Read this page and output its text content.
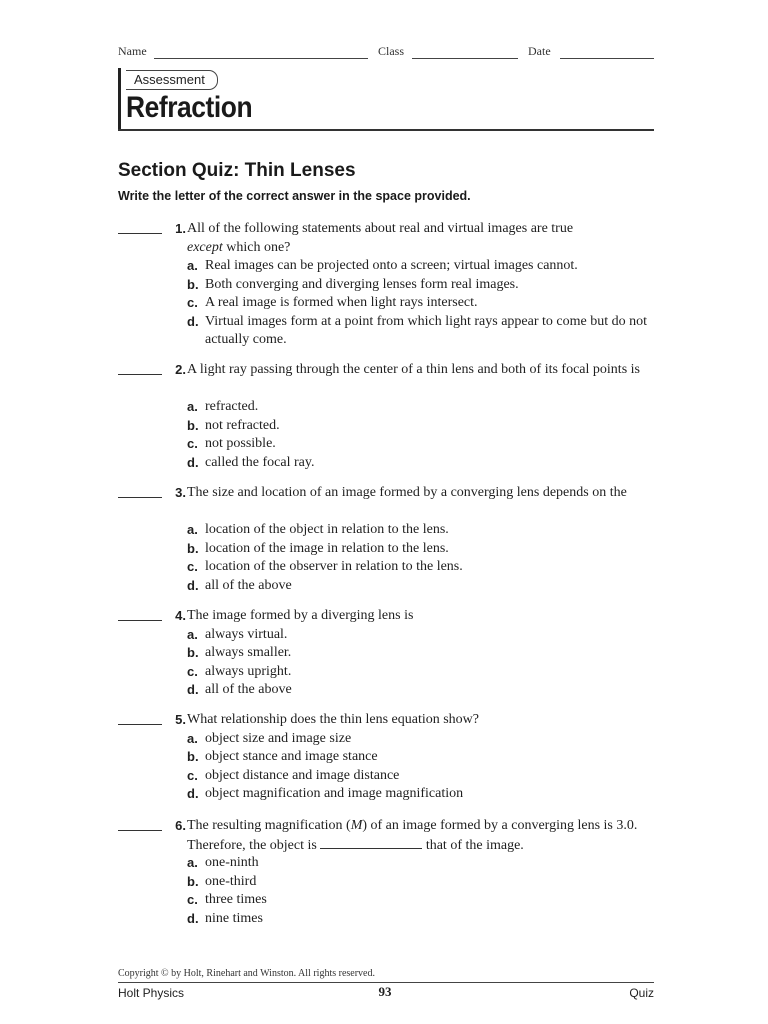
Name	Class	Date
Assessment
Refraction
Section Quiz: Thin Lenses

Write the letter of the correct answer in the space provided.

1. All of the following statements about real and virtual images are true
except which one?
a. Real images can be projected onto a screen; virtual images cannot.
b. Both converging and diverging lenses form real images.
c. A real image is formed when light rays intersect.
d. Virtual images form at a point from which light rays appear to come but do not actually come.
2. A light ray passing through the center of a thin lens and both of its focal points is
a. refracted.
b. not refracted.
c. not possible.
d. called the focal ray.
3. The size and location of an image formed by a converging lens depends on the
a. location of the object in relation to the lens.
b. location of the image in relation to the lens.
c. location of the observer in relation to the lens.
d. all of the above
4. The image formed by a diverging lens is
a. always virtual.
b. always smaller.
c. always upright.
d. all of the above
5. What relationship does the thin lens equation show?
a. object size and image size
b. object stance and image stance
c. object distance and image distance
d. object magnification and image magnification
6. The resulting magnification (M) of an image formed by a converging lens is 3.0. Therefore, the object is	that of the image.
a. one-ninth
b. one-third
c. three times
d. nine times
Copyright © by Holt, Rinehart and Winston. All rights reserved.
Holt Physics	93	Quiz
